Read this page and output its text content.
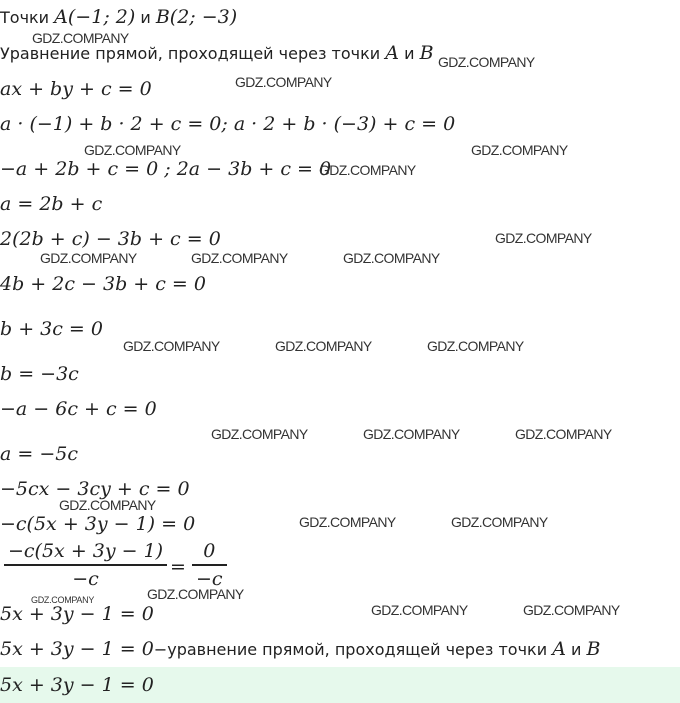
Точки A(−1; 2) и B(2; −3)
Уравнение прямой, проходящей через точки A и B
ax + by + c = 0
a · (−1) + b · 2 + c = 0; a · 2 + b · (−3) + c = 0
−a + 2b + c = 0 ; 2a − 3b + c = 0
a = 2b + c
2(2b + c) − 3b + c = 0
4b + 2c − 3b + c = 0
b + 3c = 0
b = −3c
−a − 6c + c = 0
a = −5c
−5cx − 3cy + c = 0
−c(5x + 3y − 1) = 0
−c(5x + 3y − 1)
−c
=
0
−c
5x + 3y − 1 = 0
5x + 3y − 1 = 0−уравнение прямой, проходящей через точки A и B
5x + 3y − 1 = 0
GDZ.COMPANY
GDZ.COMPANY
GDZ.COMPANY
GDZ.COMPANY	GDZ.COMPANY
GDZ.COMPANY
GDZ.COMPANY
GDZ.COMPANY	GDZ.COMPANY	GDZ.COMPANY
GDZ.COMPANY	GDZ.COMPANY	GDZ.COMPANY
GDZ.COMPANY	GDZ.COMPANY	GDZ.COMPANY
GDZ.COMPANY
GDZ.COMPANY	GDZ.COMPANY
GDZ.COMPANY	GDZ.COMPANY
GDZ.COMPANY	GDZ.COMPANY
